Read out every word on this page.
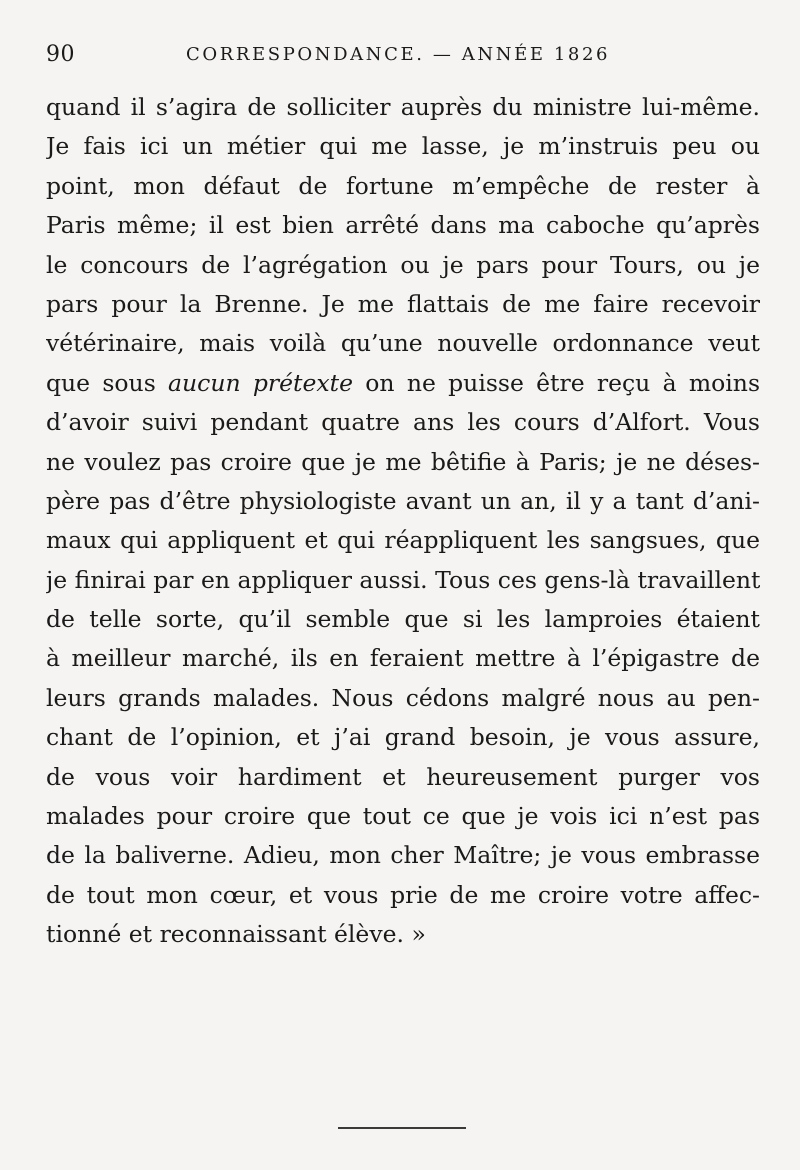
90	CORRESPONDANCE. — ANNÉE 1826
quand il s’agira de solliciter auprès du ministre lui-même.
Je fais ici un métier qui me lasse, je m’instruis peu ou
point, mon défaut de fortune m’empêche de rester à
Paris même; il est bien arrêté dans ma caboche qu’après
le concours de l’agrégation ou je pars pour Tours, ou je
pars pour la Brenne. Je me flattais de me faire recevoir
vétérinaire, mais voilà qu’une nouvelle ordonnance veut
que sous aucun prétexte on ne puisse être reçu à moins
d’avoir suivi pendant quatre ans les cours d’Alfort. Vous
ne voulez pas croire que je me bêtifie à Paris; je ne déses-
père pas d’être physiologiste avant un an, il y a tant d’ani-
maux qui appliquent et qui réappliquent les sangsues, que
je finirai par en appliquer aussi. Tous ces gens-là travaillent
de telle sorte, qu’il semble que si les lamproies étaient
à meilleur marché, ils en feraient mettre à l’épigastre de
leurs grands malades. Nous cédons malgré nous au pen-
chant de l’opinion, et j’ai grand besoin, je vous assure,
de vous voir hardiment et heureusement purger vos
malades pour croire que tout ce que je vois ici n’est pas
de la baliverne. Adieu, mon cher Maître; je vous embrasse
de tout mon cœur, et vous prie de me croire votre affec-
tionné et reconnaissant élève. »
